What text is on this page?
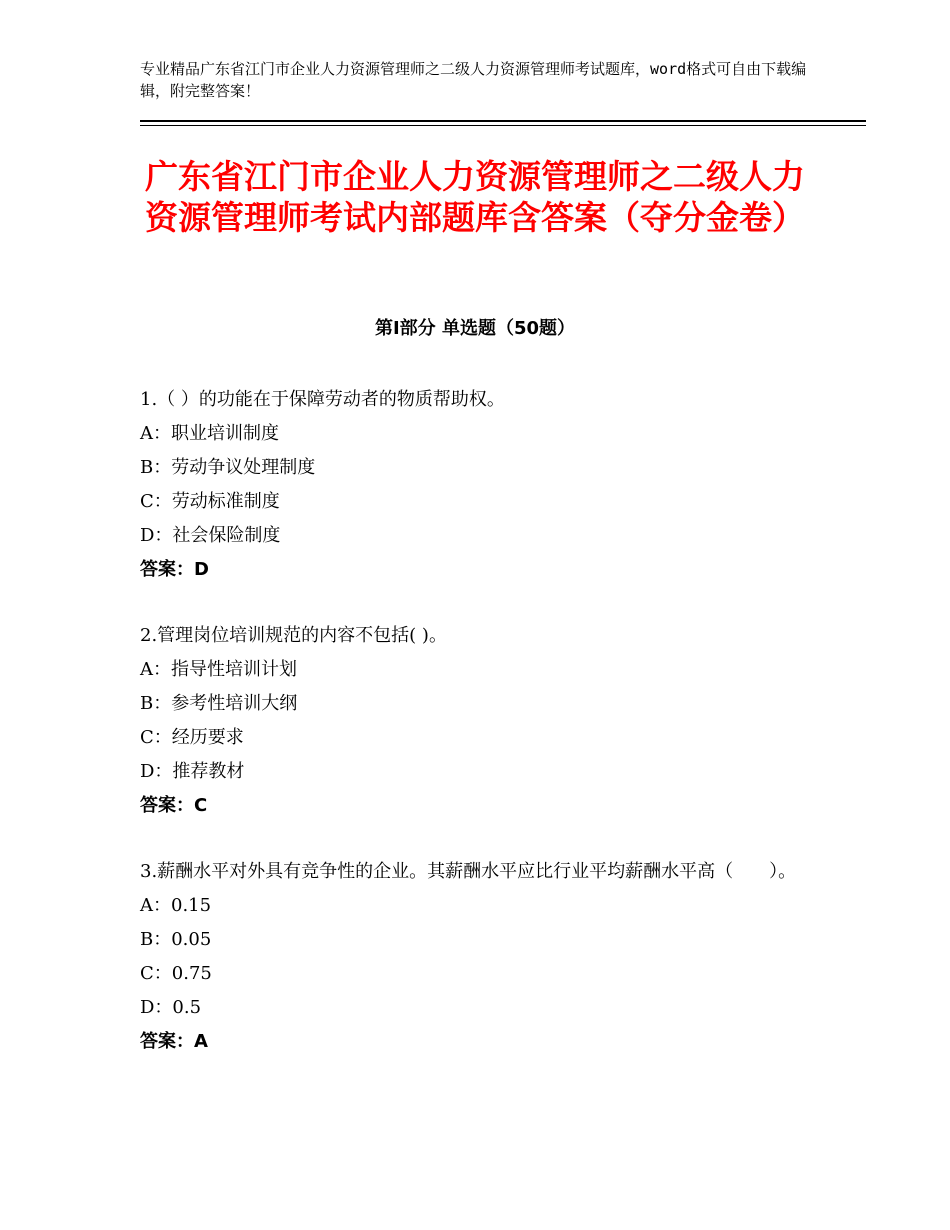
专业精品广东省江门市企业人力资源管理师之二级人力资源管理师考试题库，word格式可自由下载编辑，附完整答案！
广东省江门市企业人力资源管理师之二级人力资源管理师考试内部题库含答案（夺分金卷）
第Ⅰ部分 单选题（50题）
1.（ ）的功能在于保障劳动者的物质帮助权。
A：职业培训制度
B：劳动争议处理制度
C：劳动标准制度
D：社会保险制度
答案：D
2.管理岗位培训规范的内容不包括( )。
A：指导性培训计划
B：参考性培训大纲
C：经历要求
D：推荐教材
答案：C
3.薪酬水平对外具有竞争性的企业。其薪酬水平应比行业平均薪酬水平高（　　）。
A：0.15
B：0.05
C：0.75
D：0.5
答案：A
